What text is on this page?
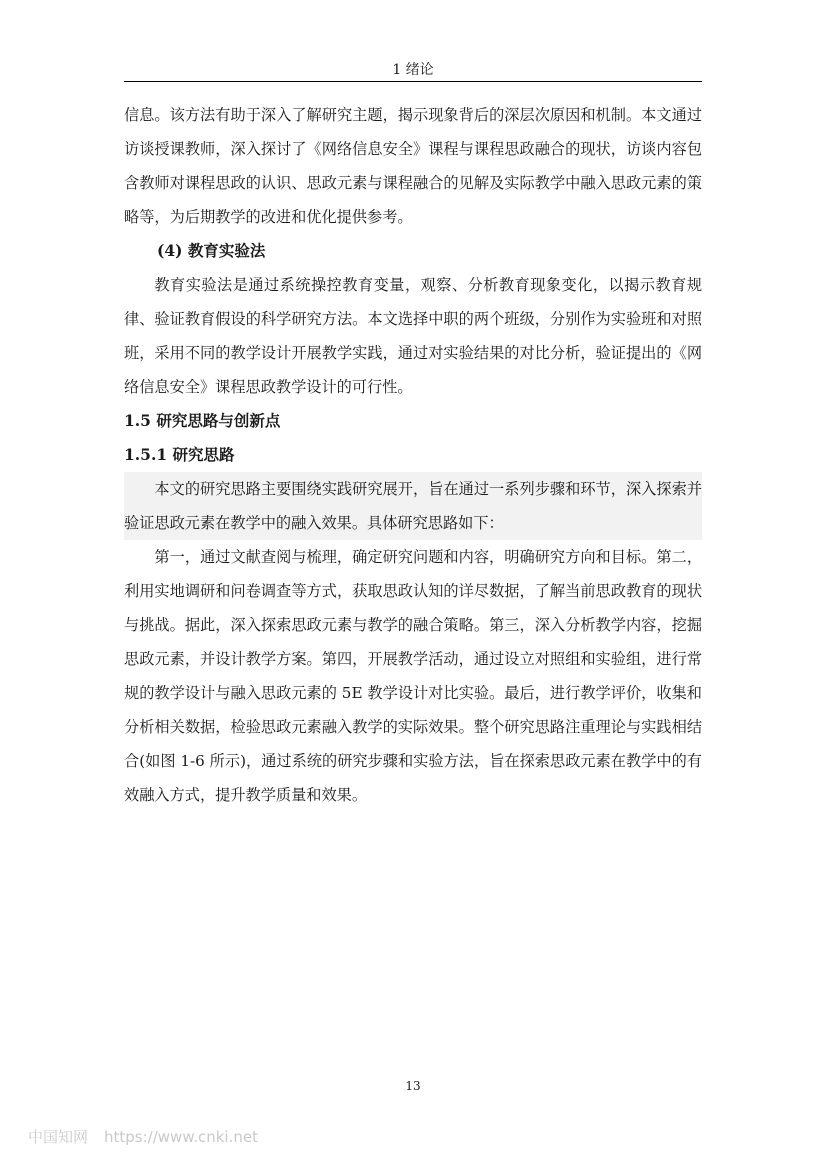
1 绪论

信息。该方法有助于深入了解研究主题，揭示现象背后的深层次原因和机制。本文通过访谈授课教师，深入探讨了《网络信息安全》课程与课程思政融合的现状，访谈内容包含教师对课程思政的认识、思政元素与课程融合的见解及实际教学中融入思政元素的策略等，为后期教学的改进和优化提供参考。

(4) 教育实验法

教育实验法是通过系统操控教育变量，观察、分析教育现象变化，以揭示教育规律、验证教育假设的科学研究方法。本文选择中职的两个班级，分别作为实验班和对照班，采用不同的教学设计开展教学实践，通过对实验结果的对比分析，验证提出的《网络信息安全》课程思政教学设计的可行性。

1.5 研究思路与创新点

1.5.1 研究思路

本文的研究思路主要围绕实践研究展开，旨在通过一系列步骤和环节，深入探索并验证思政元素在教学中的融入效果。具体研究思路如下：

第一，通过文献查阅与梳理，确定研究问题和内容，明确研究方向和目标。第二，利用实地调研和问卷调查等方式，获取思政认知的详尽数据，了解当前思政教育的现状与挑战。据此，深入探索思政元素与教学的融合策略。第三，深入分析教学内容，挖掘思政元素，并设计教学方案。第四，开展教学活动，通过设立对照组和实验组，进行常规的教学设计与融入思政元素的 5E 教学设计对比实验。最后，进行教学评价，收集和分析相关数据，检验思政元素融入教学的实际效果。整个研究思路注重理论与实践相结合(如图 1-6 所示)，通过系统的研究步骤和实验方法，旨在探索思政元素在教学中的有效融入方式，提升教学质量和效果。

13
中国知网 https://www.cnki.net
